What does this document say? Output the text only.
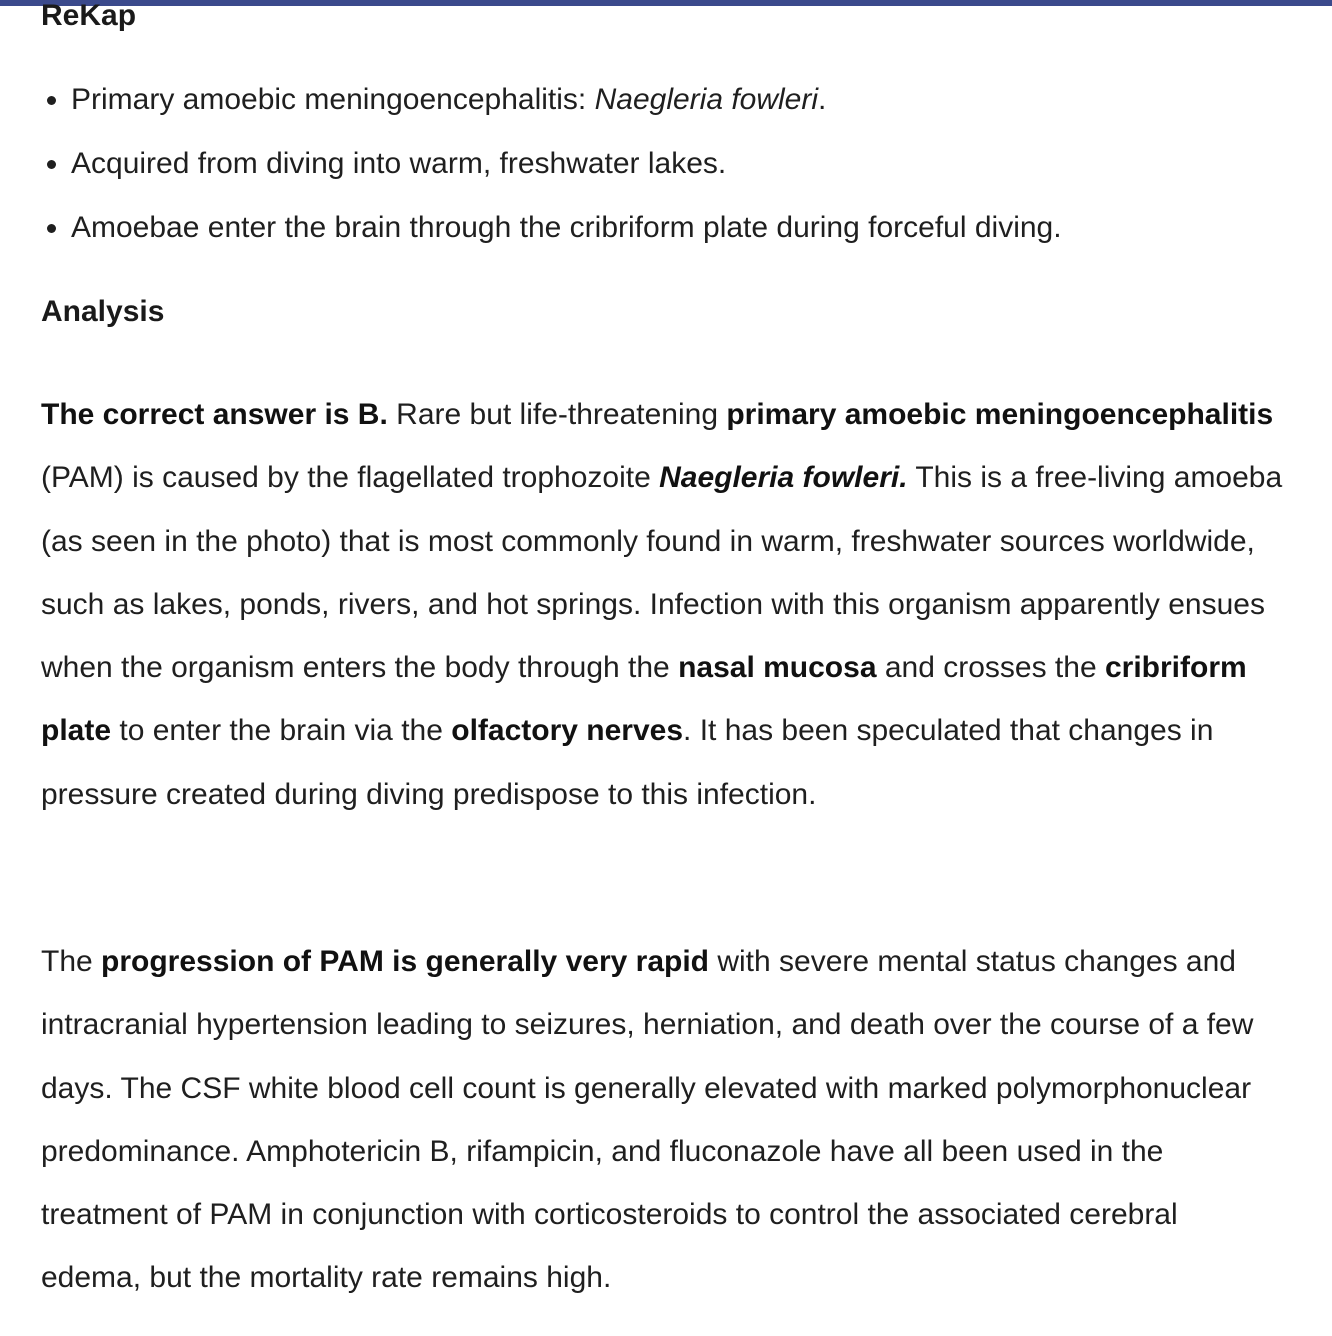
ReKap
• Primary amoebic meningoencephalitis: Naegleria fowleri.
• Acquired from diving into warm, freshwater lakes.
• Amoebae enter the brain through the cribriform plate during forceful diving.
Analysis

The correct answer is B. Rare but life-threatening primary amoebic meningoencephalitis (PAM) is caused by the flagellated trophozoite Naegleria fowleri. This is a free-living amoeba (as seen in the photo) that is most commonly found in warm, freshwater sources worldwide, such as lakes, ponds, rivers, and hot springs. Infection with this organism apparently ensues when the organism enters the body through the nasal mucosa and crosses the cribriform plate to enter the brain via the olfactory nerves. It has been speculated that changes in pressure created during diving predispose to this infection.

The progression of PAM is generally very rapid with severe mental status changes and intracranial hypertension leading to seizures, herniation, and death over the course of a few days. The CSF white blood cell count is generally elevated with marked polymorphonuclear predominance. Amphotericin B, rifampicin, and fluconazole have all been used in the treatment of PAM in conjunction with corticosteroids to control the associated cerebral edema, but the mortality rate remains high.
